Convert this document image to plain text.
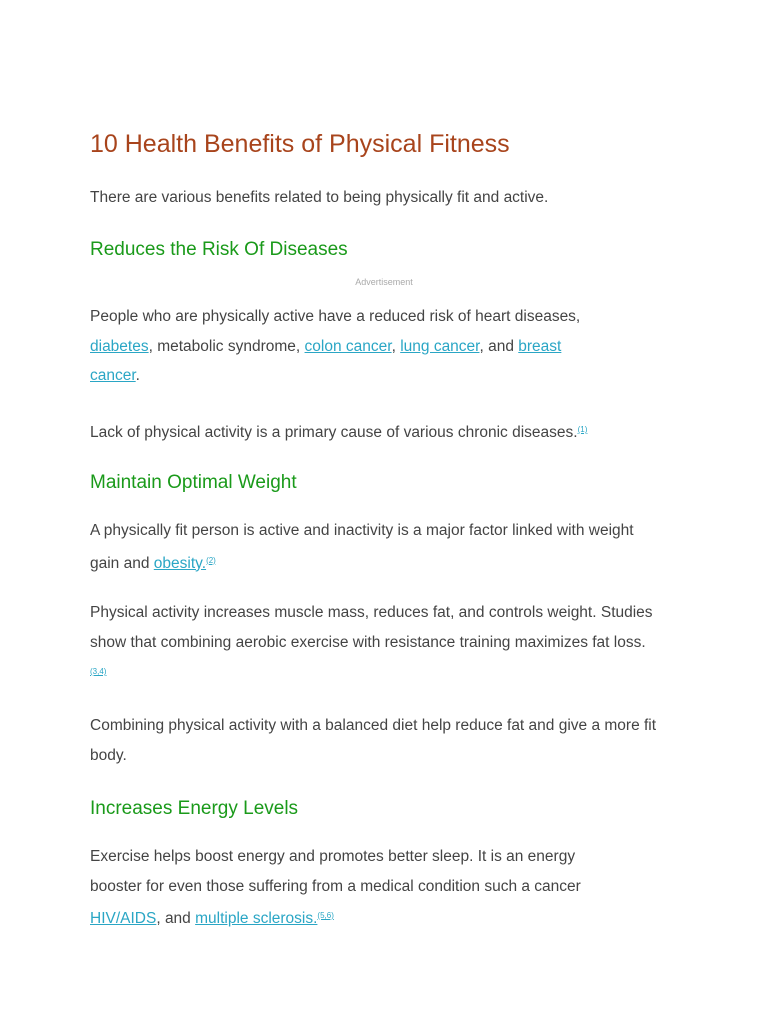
10 Health Benefits of Physical Fitness

There are various benefits related to being physically fit and active.

Reduces the Risk Of Diseases
Advertisement

People who are physically active have a reduced risk of heart diseases, diabetes, metabolic syndrome, colon cancer, lung cancer, and breast cancer.

Lack of physical activity is a primary cause of various chronic diseases.$^{(1)}$

Maintain Optimal Weight

A physically fit person is active and inactivity is a major factor linked with weight gain and obesity.$^{(2)}$

Physical activity increases muscle mass, reduces fat, and controls weight. Studies show that combining aerobic exercise with resistance training maximizes fat loss.$^{(3,4)}$

Combining physical activity with a balanced diet help reduce fat and give a more fit body.

Increases Energy Levels

Exercise helps boost energy and promotes better sleep. It is an energy booster for even those suffering from a medical condition such a cancer HIV/AIDS, and multiple sclerosis.$^{(5,6)}$
